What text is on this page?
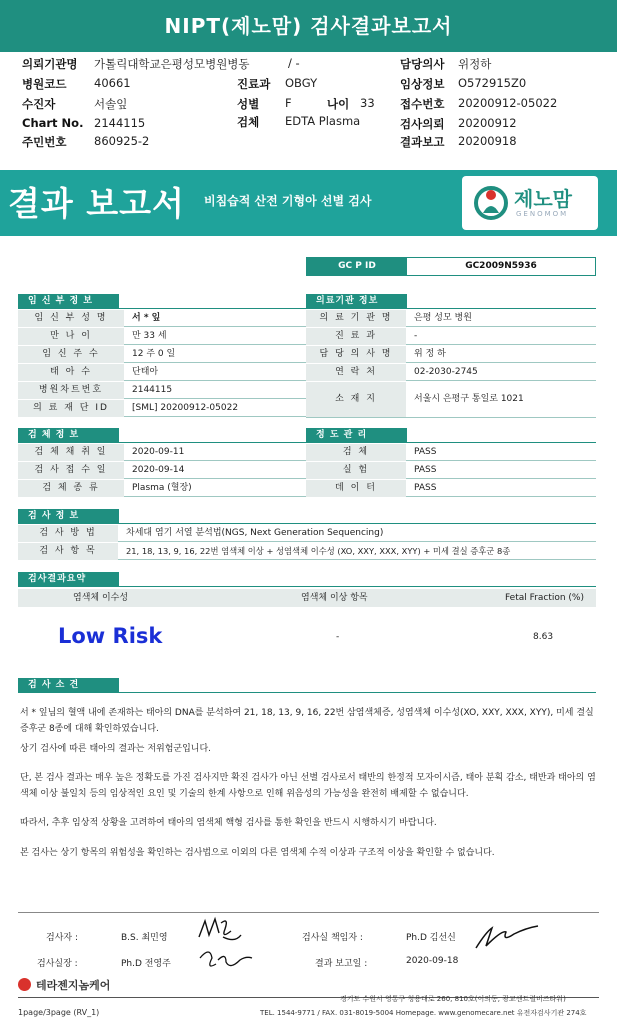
NIPT(제노맘) 검사결과보고서
의뢰기관명 가톨릭대학교은평성모병원병동	/ -	담당의사 위정하
병원코드 40661	진료과 OBGY	임상정보 O572915Z0
수진자	서솔잎	성별 F	나이 33 접수번호 20200912-05022
Chart No. 2144115	검체 EDTA Plasma	검사의뢰 20200912
주민번호 860925-2	결과보고 20200918
결과 보고서 비침습적 산전 기형아 선별 검사	제노맘
GENOMOM
GC P ID	GC2009N5936
임 신 부 정 보
임 신 부 성 명	서 * 잎
만 나 이	만 33 세
임 신 주 수	12 주 0 일
태 아 수	단태아
병원차트번호	2144115
의 료 재 단 ID	[SML] 20200912-05022
의료기관 정보
의 료 기 관 명	은평 성모 병원
진 료 과	-
담 당 의 사 명	위 정 하
연 락 처	02-2030-2745
소 재 지	서울시 은평구 통일로 1021
검 체 정 보
검 체 채 취 일	2020-09-11
검 사 접 수 일	2020-09-14
검 체 종 류	Plasma (혈장)
정 도 관 리
검 체	PASS
실 험	PASS
데 이 터	PASS
검 사 정 보
검 사 방 법	차세대 염기 서열 분석법(NGS, Next Generation Sequencing)
검 사 항 목	21, 18, 13, 9, 16, 22번 염색체 이상 + 성염색체 이수성 (XO, XXY, XXX, XYY) + 미세 결실 증후군 8종
검사결과요약
염색체 이수성	염색체 이상 항목	Fetal Fraction (%)
Low Risk	-	8.63
검 사 소 견
서 * 잎님의 혈액 내에 존재하는 태아의 DNA를 분석하여 21, 18, 13, 9, 16, 22번 삼염색체증, 성염색체 이수성(XO, XXY, XXX, XYY), 미세 결실 증후군 8종에 대해 확인하였습니다.
상기 검사에 따른 태아의 결과는 저위험군입니다.
단, 본 검사 결과는 매우 높은 정확도를 가진 검사지만 확진 검사가 아닌 선별 검사로서 태반의 한정적 모자이시즘, 태아 분획 감소, 태반과 태아의 염색체 이상 불일치 등의 임상적인 요인 및 기술의 한계 사항으로 인해 위음성의 가능성을 완전히 배제할 수 없습니다.
따라서, 추후 임상적 상황을 고려하여 태아의 염색체 핵형 검사를 통한 확인을 반드시 시행하시기 바랍니다.
본 검사는 상기 항목의 위험성을 확인하는 검사법으로 이외의 다른 염색체 수적 이상과 구조적 이상을 확인할 수 없습니다.
검사자 :	B.S. 최민영	검사실 책임자 :	Ph.D 김선신
검사실장 :	Ph.D 전영주	결과 보고일 :	2020-09-18
테라젠지놈케어
경기도 수원시 영통구 청용대로 260, 810호(이의동, 광교센트럴비즈타워)
TEL. 1544-9771 / FAX. 031-8019-5004 Homepage. www.genomecare.net 유전자검사기관 274호
1page/3page (RV_1)
